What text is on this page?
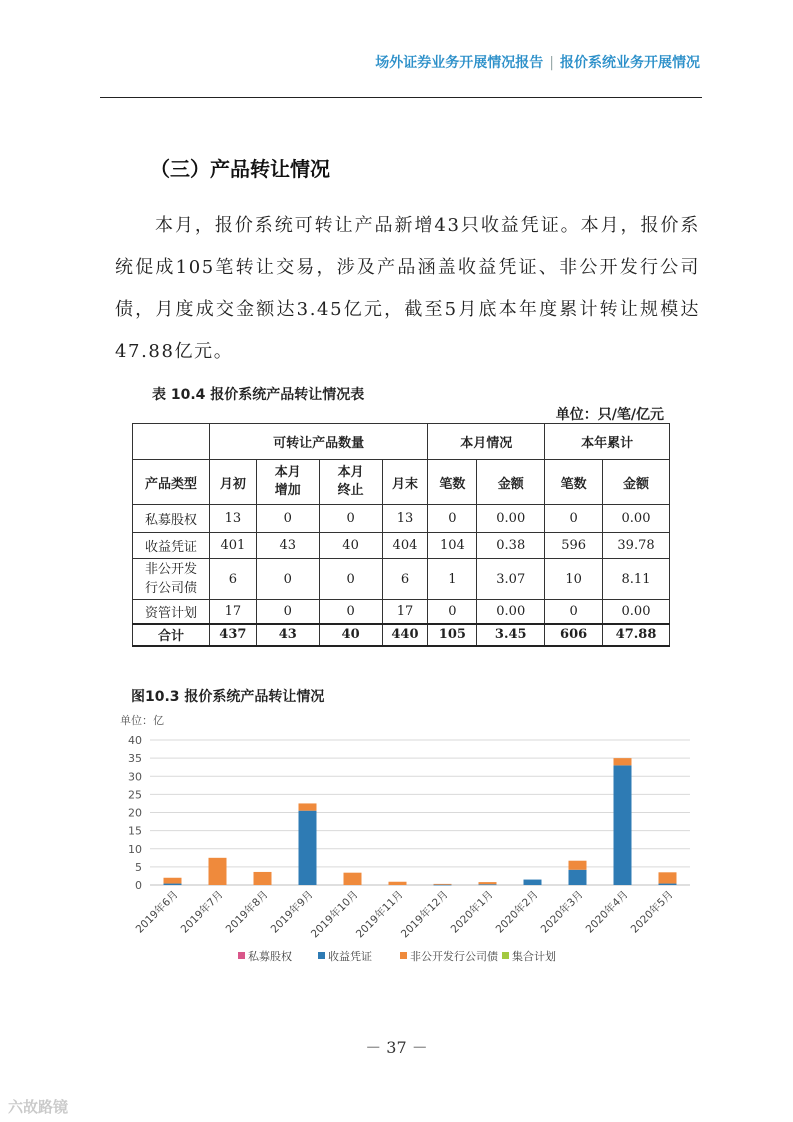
场外证券业务开展情况报告 | 报价系统业务开展情况
（三）产品转让情况
本月，报价系统可转让产品新增43只收益凭证。本月，报价系统促成105笔转让交易，涉及产品涵盖收益凭证、非公开发行公司债，月度成交金额达3.45亿元，截至5月底本年度累计转让规模达47.88亿元。
表 10.4 报价系统产品转让情况表
单位：只/笔/亿元
	可转让产品数量				本月情况		本年累计	
产品类型	月初	本月增加	本月终止	月末	笔数	金额	笔数	金额
私募股权	13	0	0	13	0	0.00	0	0.00
收益凭证	401	43	40	404	104	0.38	596	39.78

非公开发行公司债	6	0	0	6	1	3.07	10	8.11
资管计划	17	0	0	17	0	0.00	0	0.00
合计	437	43	40	440	105	3.45	606	47.88
图10.3 报价系统产品转让情况
单位：亿
0
5
10
15
20
25
30
35
40
2019年6月
2019年7月
2019年8月
2019年9月
2019年10月
2019年11月
2019年12月
2020年1月
2020年2月
2020年3月
2020年4月
2020年5月
私募股权	收益凭证	非公开发行公司债 集合计划
－ 37 －
六故路镜
